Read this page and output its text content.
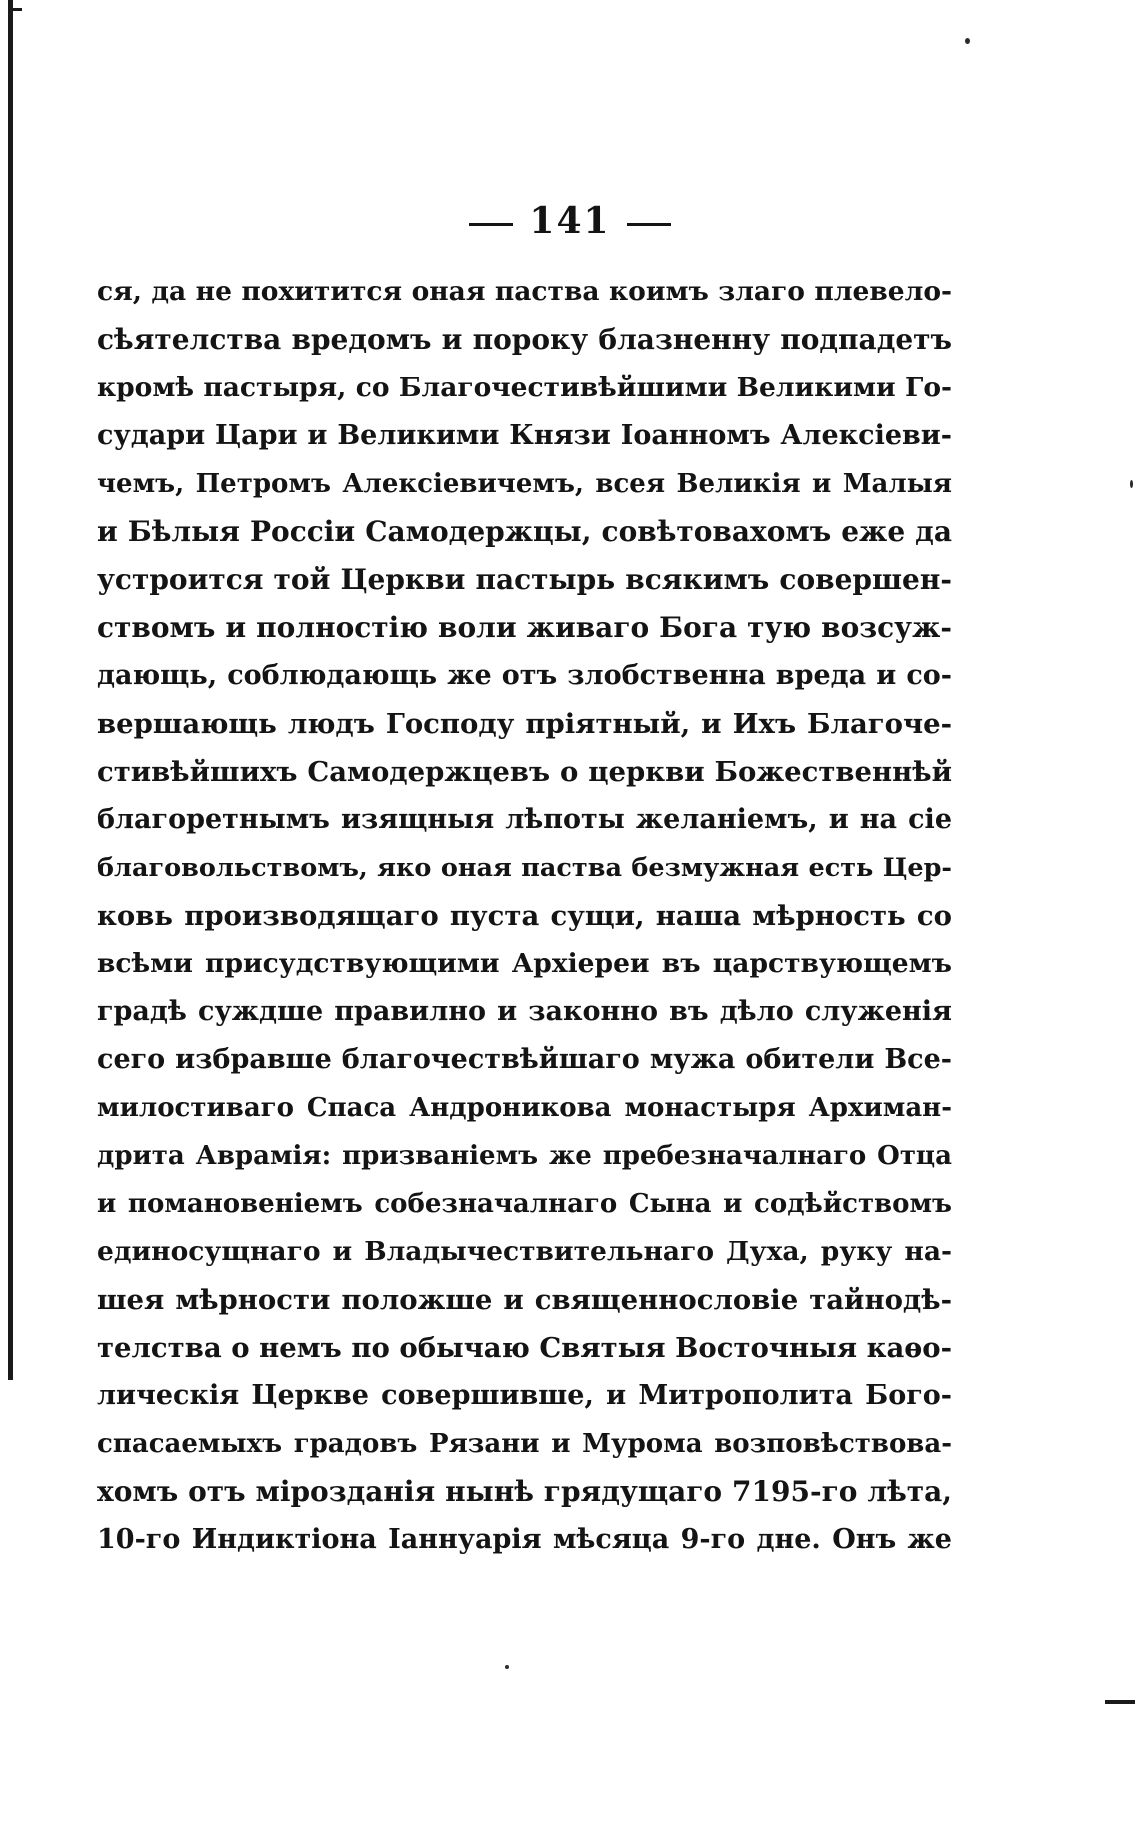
141
ся, да не похитится оная паства коимъ злаго плевело-
сѣятелства вредомъ и пороку блазненну подпадетъ
кромѣ пастыря, со Благочестивѣйшими Великими Го-
судари Цари и Великими Князи Іоанномъ Алексіеви-
чемъ, Петромъ Алексіевичемъ, всея Великія и Малыя
и Бѣлыя Россіи Самодержцы, совѣтовахомъ еже да
устроится той Церкви пастырь всякимъ совершен-
ствомъ и полностію воли живаго Бога тую возсуж-
дающь, соблюдающь же отъ злобственна вреда и со-
вершающь людъ Господу пріятный, и Ихъ Благоче-
стивѣйшихъ Самодержцевъ о церкви Божественнѣй
благоретнымъ изящныя лѣпоты желаніемъ, и на сіе
благовольствомъ, яко оная паства безмужная есть Цер-
ковь производящаго пуста сущи, наша мѣрность со
всѣми присудствующими Архіереи въ царствующемъ
градѣ суждше правилно и законно въ дѣло служенія
сего избравше благочествѣйшаго мужа обители Все-
милостиваго Спаса Андроникова монастыря Архиман-
дрита Аврамія: призваніемъ же пребезначалнаго Отца
и помановеніемъ собезначалнаго Сына и содѣйствомъ
единосущнаго и Владычествительнаго Духа, руку на-
шея мѣрности положше и священнословіе тайнодѣ-
телства о немъ по обычаю Святыя Восточныя каѳо-
лическія Церкве совершивше, и Митрополита Бого-
спасаемыхъ градовъ Рязани и Мурома возповѣствова-
хомъ отъ мірозданія нынѣ грядущаго 7195-го лѣта,
10-го Индиктіона Іаннуарія мѣсяца 9-го дне. Онъ же
